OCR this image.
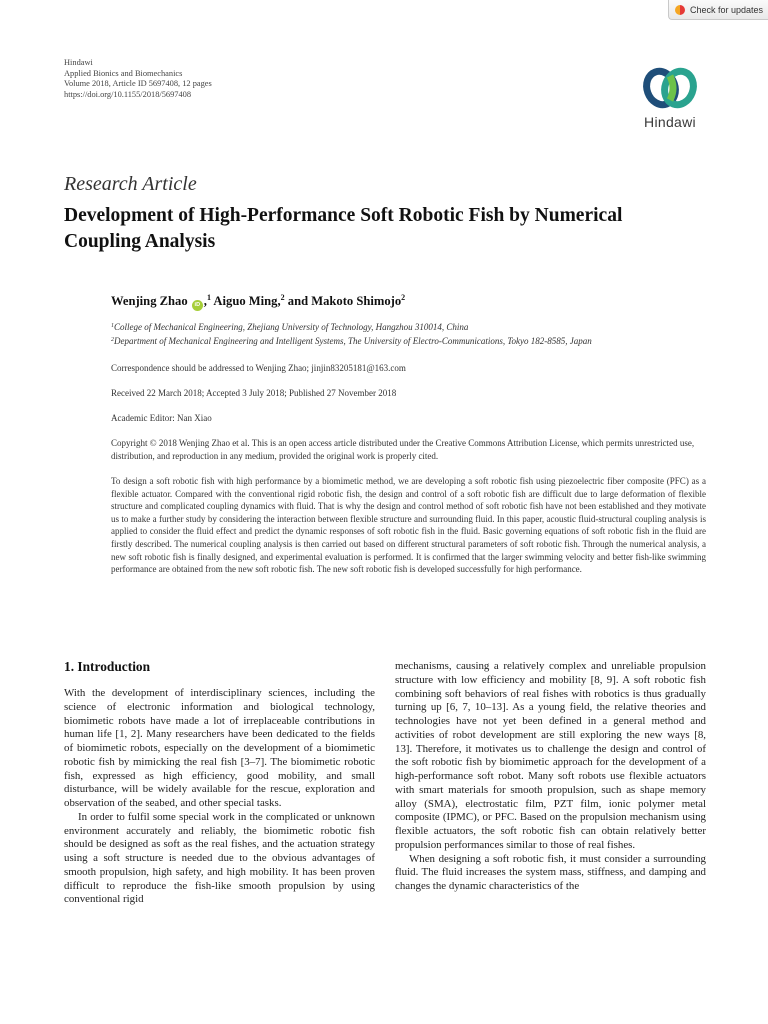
Check for updates
Hindawi
Applied Bionics and Biomechanics
Volume 2018, Article ID 5697408, 12 pages
https://doi.org/10.1155/2018/5697408
Hindawi
Research Article
Development of High-Performance Soft Robotic Fish by Numerical Coupling Analysis
Wenjing Zhao iD ,$^1$ Aiguo Ming,$^2$ and Makoto Shimojo$^2$
$^1$College of Mechanical Engineering, Zhejiang University of Technology, Hangzhou 310014, China
$^2$Department of Mechanical Engineering and Intelligent Systems, The University of Electro-Communications, Tokyo 182-8585, Japan
Correspondence should be addressed to Wenjing Zhao; jinjin83205181@163.com
Received 22 March 2018; Accepted 3 July 2018; Published 27 November 2018
Academic Editor: Nan Xiao
Copyright © 2018 Wenjing Zhao et al. This is an open access article distributed under the Creative Commons Attribution License, which permits unrestricted use, distribution, and reproduction in any medium, provided the original work is properly cited.
To design a soft robotic fish with high performance by a biomimetic method, we are developing a soft robotic fish using piezoelectric fiber composite (PFC) as a flexible actuator. Compared with the conventional rigid robotic fish, the design and control of a soft robotic fish are difficult due to large deformation of flexible structure and complicated coupling dynamics with fluid. That is why the design and control method of soft robotic fish have not been established and they motivate us to make a further study by considering the interaction between flexible structure and surrounding fluid. In this paper, acoustic fluid-structural coupling analysis is applied to consider the fluid effect and predict the dynamic responses of soft robotic fish in the fluid. Basic governing equations of soft robotic fish in the fluid are firstly described. The numerical coupling analysis is then carried out based on different structural parameters of soft robotic fish. Through the numerical analysis, a new soft robotic fish is finally designed, and experimental evaluation is performed. It is confirmed that the larger swimming velocity and better fish-like swimming performance are obtained from the new soft robotic fish. The new soft robotic fish is developed successfully for high performance.
1. Introduction

With the development of interdisciplinary sciences, including the science of electronic information and biological technology, biomimetic robots have made a lot of irreplaceable contributions in human life [1, 2]. Many researchers have been dedicated to the fields of biomimetic robots, especially on the development of a biomimetic robotic fish by mimicking the real fish [3–7]. The biomimetic robotic fish, expressed as high efficiency, good mobility, and small disturbance, will be widely available for the rescue, exploration and observation of the seabed, and other special tasks.

In order to fulfil some special work in the complicated or unknown environment accurately and reliably, the biomimetic robotic fish should be designed as soft as the real fishes, and the actuation strategy using a soft structure is needed due to the obvious advantages of smooth propulsion, high safety, and high mobility. It has been proven difficult to reproduce the fish-like smooth propulsion by using conventional rigid

mechanisms, causing a relatively complex and unreliable propulsion structure with low efficiency and mobility [8, 9]. A soft robotic fish combining soft behaviors of real fishes with robotics is thus gradually turning up [6, 7, 10–13]. As a young field, the relative theories and technologies have not yet been defined in a general method and activities of robot development are still exploring the new ways [8, 13]. Therefore, it motivates us to challenge the design and control of the soft robotic fish by biomimetic approach for the development of a high-performance soft robot. Many soft robots use flexible actuators with smart materials for smooth propulsion, such as shape memory alloy (SMA), electrostatic film, PZT film, ionic polymer metal composite (IPMC), or PFC. Based on the propulsion mechanism using flexible actuators, the soft robotic fish can obtain relatively better propulsion performances similar to those of real fishes.

When designing a soft robotic fish, it must consider a surrounding fluid. The fluid increases the system mass, stiffness, and damping and changes the dynamic characteristics of the
